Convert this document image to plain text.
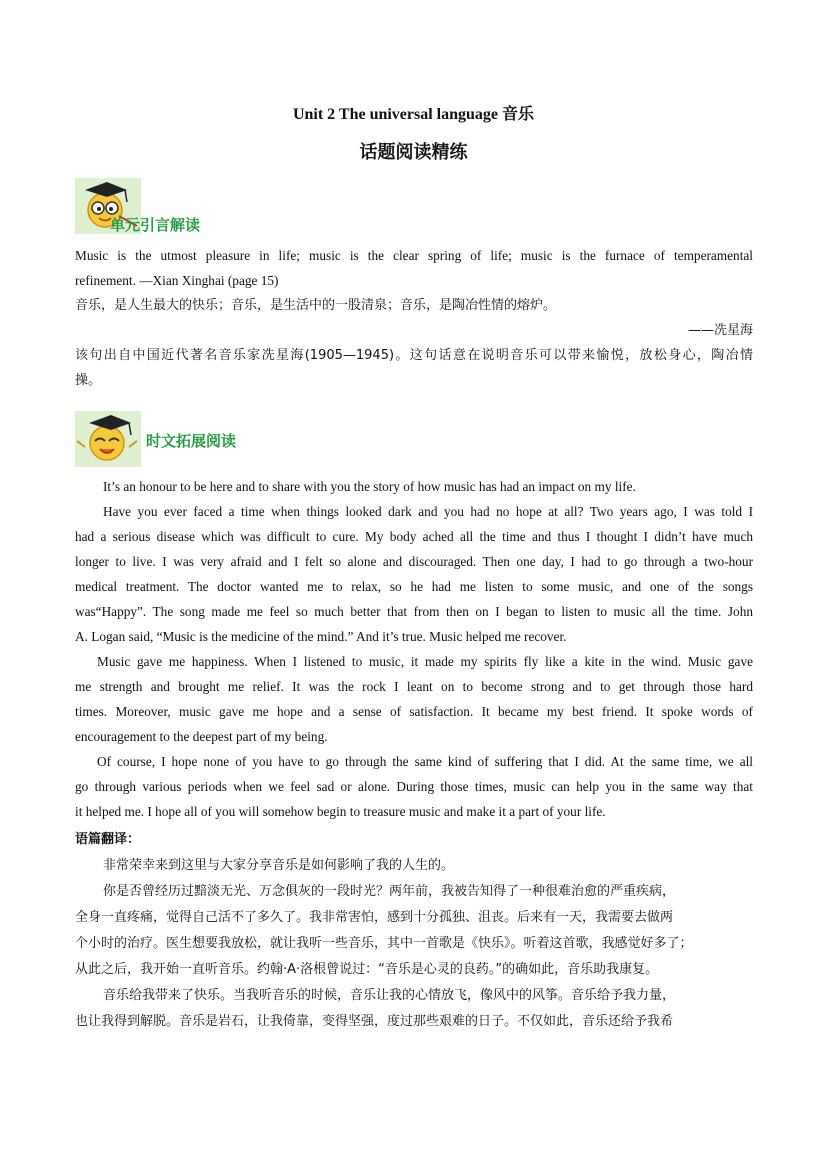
Unit 2 The universal language 音乐
话题阅读精练
单元引言解读
Music is the utmost pleasure in life; music is the clear spring of life; music is the furnace of temperamental
refinement. —Xian Xinghai (page 15)
音乐，是人生最大的快乐；音乐，是生活中的一股清泉；音乐，是陶冶性情的熔炉。
——冼星海
该句出自中国近代著名音乐家冼星海(1905—1945)。这句话意在说明音乐可以带来愉悦，放松身心，陶冶情
操。
时文拓展阅读
It’s an honour to be here and to share with you the story of how music has had an impact on my life.
Have you ever faced a time when things looked dark and you had no hope at all? Two years ago, I was told I
had a serious disease which was difficult to cure. My body ached all the time and thus I thought I didn’t have much
longer to live. I was very afraid and I felt so alone and discouraged. Then one day, I had to go through a two-hour
medical treatment. The doctor wanted me to relax, so he had me listen to some music, and one of the songs
was“Happy”. The song made me feel so much better that from then on I began to listen to music all the time. John
A. Logan said, “Music is the medicine of the mind.” And it’s true. Music helped me recover.
Music gave me happiness. When I listened to music, it made my spirits fly like a kite in the wind. Music gave
me strength and brought me relief. It was the rock I leant on to become strong and to get through those hard
times. Moreover, music gave me hope and a sense of satisfaction. It became my best friend. It spoke words of
encouragement to the deepest part of my being.
Of course, I hope none of you have to go through the same kind of suffering that I did. At the same time, we all
go through various periods when we feel sad or alone. During those times, music can help you in the same way that
it helped me. I hope all of you will somehow begin to treasure music and make it a part of your life.
语篇翻译：
非常荣幸来到这里与大家分享音乐是如何影响了我的人生的。
你是否曾经历过黯淡无光、万念俱灰的一段时光？两年前，我被告知得了一种很难治愈的严重疾病，
全身一直疼痛，觉得自己活不了多久了。我非常害怕，感到十分孤独、沮丧。后来有一天，我需要去做两
个小时的治疗。医生想要我放松，就让我听一些音乐，其中一首歌是《快乐》。听着这首歌，我感觉好多了；
从此之后，我开始一直听音乐。约翰·A·洛根曾说过：“音乐是心灵的良药。”的确如此，音乐助我康复。
音乐给我带来了快乐。当我听音乐的时候，音乐让我的心情放飞，像风中的风筝。音乐给予我力量，
也让我得到解脱。音乐是岩石，让我倚靠，变得坚强，度过那些艰难的日子。不仅如此，音乐还给予我希
